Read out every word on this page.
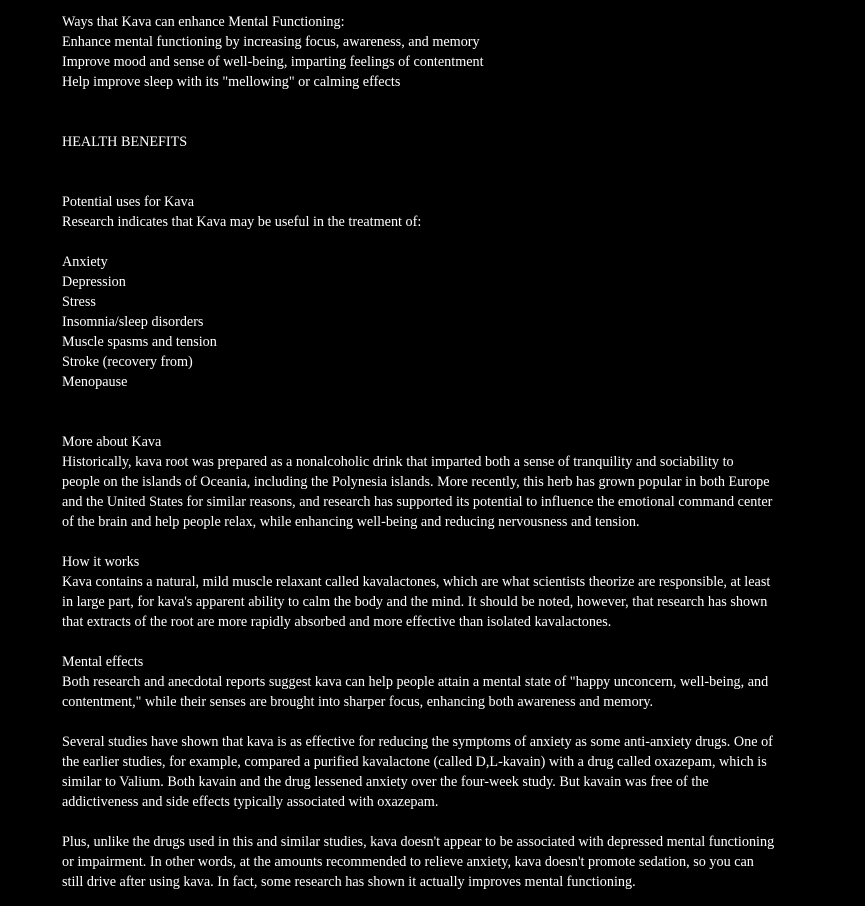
Ways that Kava can enhance Mental Functioning:
Enhance mental functioning by increasing focus, awareness, and memory
Improve mood and sense of well-being, imparting feelings of contentment
Help improve sleep with its "mellowing" or calming effects
HEALTH BENEFITS
Potential uses for Kava
Research indicates that Kava may be useful in the treatment of:
Anxiety
Depression
Stress
Insomnia/sleep disorders
Muscle spasms and tension
Stroke (recovery from)
Menopause
More about Kava
Historically, kava root was prepared as a nonalcoholic drink that imparted both a sense of tranquility and sociability to
people on the islands of Oceania, including the Polynesia islands. More recently, this herb has grown popular in both Europe
and the United States for similar reasons, and research has supported its potential to influence the emotional command center
of the brain and help people relax, while enhancing well-being and reducing nervousness and tension.
How it works
Kava contains a natural, mild muscle relaxant called kavalactones, which are what scientists theorize are responsible, at least
in large part, for kava's apparent ability to calm the body and the mind. It should be noted, however, that research has shown
that extracts of the root are more rapidly absorbed and more effective than isolated kavalactones.
Mental effects
Both research and anecdotal reports suggest kava can help people attain a mental state of "happy unconcern, well-being, and
contentment," while their senses are brought into sharper focus, enhancing both awareness and memory.
Several studies have shown that kava is as effective for reducing the symptoms of anxiety as some anti-anxiety drugs. One of
the earlier studies, for example, compared a purified kavalactone (called D,L-kavain) with a drug called oxazepam, which is
similar to Valium. Both kavain and the drug lessened anxiety over the four-week study. But kavain was free of the
addictiveness and side effects typically associated with oxazepam.
Plus, unlike the drugs used in this and similar studies, kava doesn't appear to be associated with depressed mental functioning
or impairment. In other words, at the amounts recommended to relieve anxiety, kava doesn't promote sedation, so you can
still drive after using kava. In fact, some research has shown it actually improves mental functioning.
